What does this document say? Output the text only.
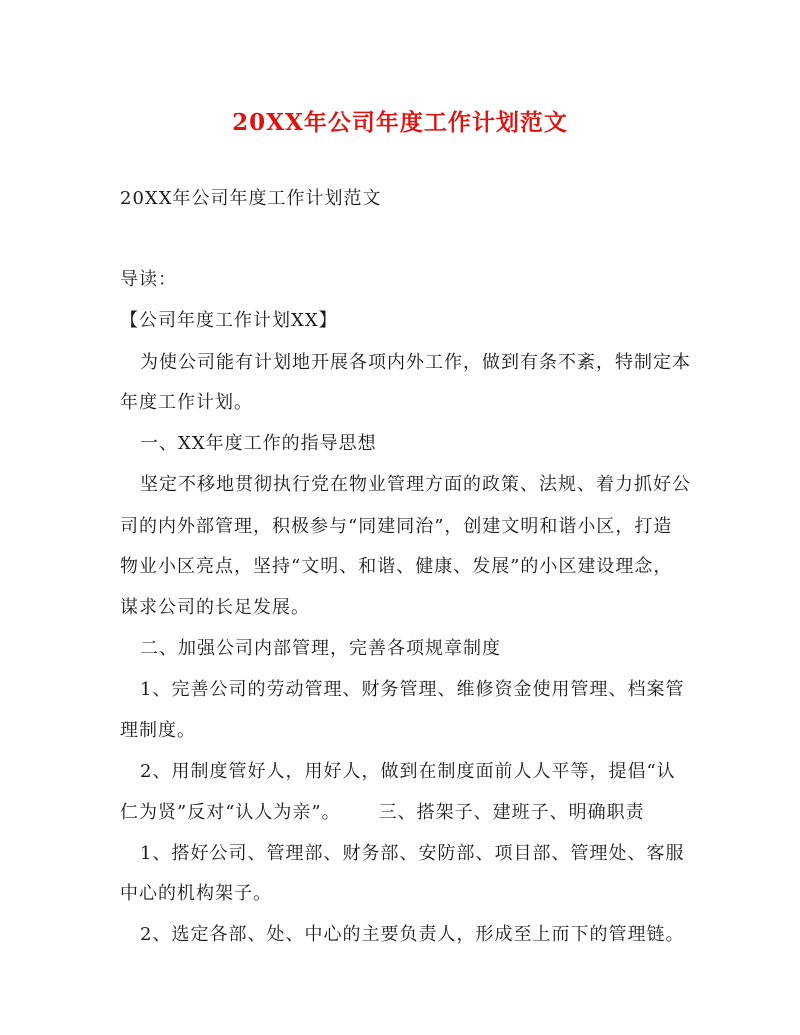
20XX年公司年度工作计划范文
20XX年公司年度工作计划范文
导读：
【公司年度工作计划XX】
为使公司能有计划地开展各项内外工作，做到有条不紊，特制定本
年度工作计划。
一、XX年度工作的指导思想
坚定不移地贯彻执行党在物业管理方面的政策、法规、着力抓好公
司的内外部管理，积极参与“同建同治”，创建文明和谐小区，打造
物业小区亮点，坚持“文明、和谐、健康、发展”的小区建设理念，
谋求公司的长足发展。
二、加强公司内部管理，完善各项规章制度
1、完善公司的劳动管理、财务管理、维修资金使用管理、档案管
理制度。
2、用制度管好人，用好人，做到在制度面前人人平等，提倡“认
仁为贤”反对“认人为亲”。 三、搭架子、建班子、明确职责
1、搭好公司、管理部、财务部、安防部、项目部、管理处、客服
中心的机构架子。
2、选定各部、处、中心的主要负责人，形成至上而下的管理链。
